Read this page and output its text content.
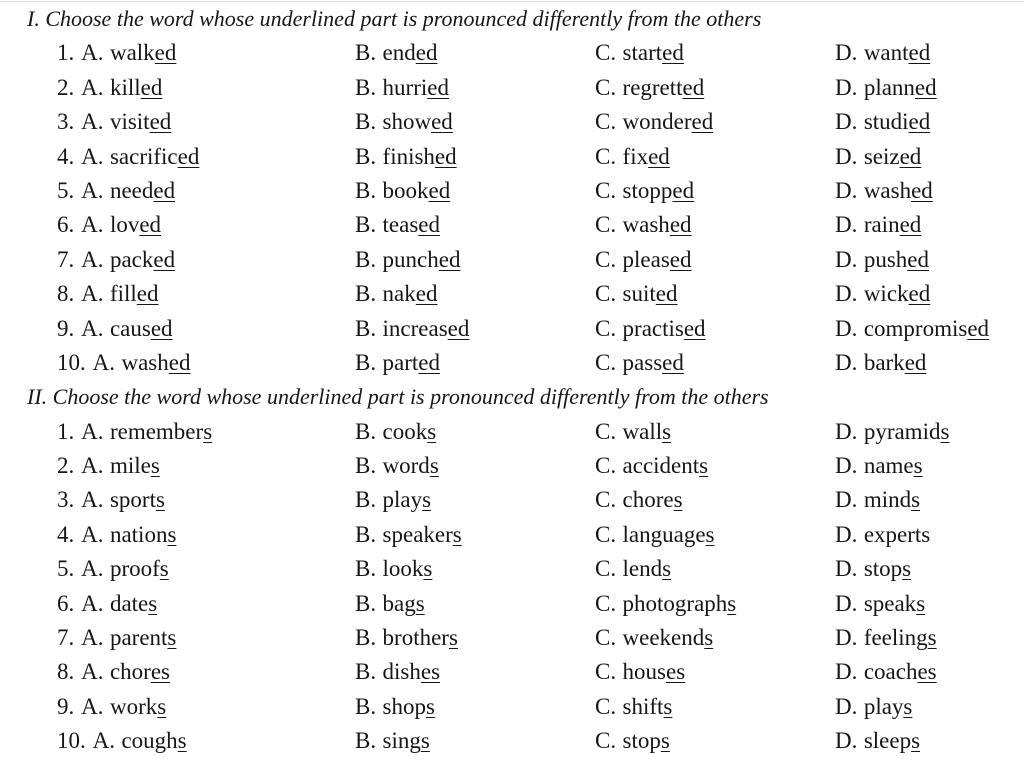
I. Choose the word whose underlined part is pronounced differently from the others
1. A. walked	B. ended	C. started	D. wanted
2. A. killed	B. hurried	C. regretted	D. planned
3. A. visited	B. showed	C. wondered	D. studied
4. A. sacrificed	B. finished	C. fixed	D. seized
5. A. needed	B. booked	C. stopped	D. washed
6. A. loved	B. teased	C. washed	D. rained
7. A. packed	B. punched	C. pleased	D. pushed
8. A. filled	B. naked	C. suited	D. wicked
9. A. caused	B. increased	C. practised	D. compromised
10. A. washed	B. parted	C. passed	D. barked
II. Choose the word whose underlined part is pronounced differently from the others
1. A. remembers	B. cooks	C. walls	D. pyramids
2. A. miles	B. words	C. accidents	D. names
3. A. sports	B. plays	C. chores	D. minds
4. A. nations	B. speakers	C. languages	D. experts
5. A. proofs	B. looks	C. lends	D. stops
6. A. dates	B. bags	C. photographs	D. speaks
7. A. parents	B. brothers	C. weekends	D. feelings
8. A. chores	B. dishes	C. houses	D. coaches
9. A. works	B. shops	C. shifts	D. plays
10. A. coughs	B. sings	C. stops	D. sleeps
